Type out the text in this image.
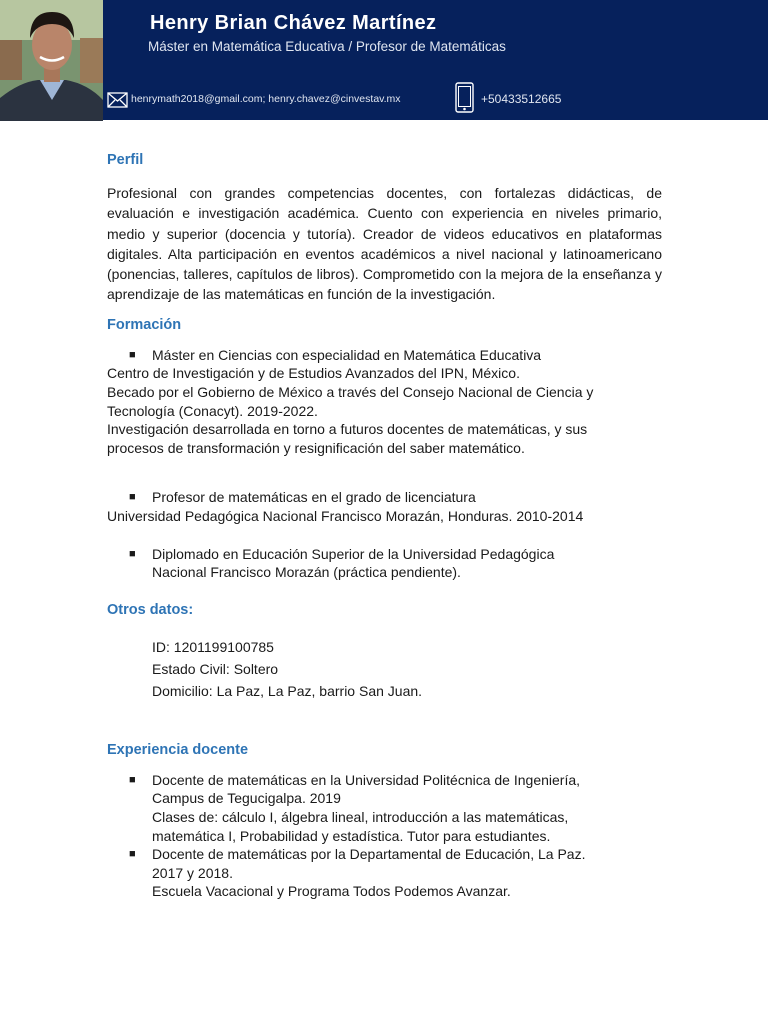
Henry Brian Chávez Martínez
Máster en Matemática Educativa / Profesor de Matemáticas
henrymath2018@gmail.com; henry.chavez@cinvestav.mx	+50433512665
Perfil

Profesional con grandes competencias docentes, con fortalezas didácticas, de evaluación e investigación académica. Cuento con experiencia en niveles primario, medio y superior (docencia y tutoría). Creador de videos educativos en plataformas digitales. Alta participación en eventos académicos a nivel nacional y latinoamericano (ponencias, talleres, capítulos de libros). Comprometido con la mejora de la enseñanza y aprendizaje de las matemáticas en función de la investigación.

Formación
■	Máster en Ciencias con especialidad en Matemática Educativa

Centro de Investigación y de Estudios Avanzados del IPN, México.

Becado por el Gobierno de México a través del Consejo Nacional de Ciencia y

Tecnología (Conacyt). 2019-2022.

Investigación desarrollada en torno a futuros docentes de matemáticas, y sus

procesos de transformación y resignificación del saber matemático.

■	Profesor de matemáticas en el grado de licenciatura

Universidad Pedagógica Nacional Francisco Morazán, Honduras. 2010-2014

■	Diplomado en Educación Superior de la Universidad Pedagógica

Nacional Francisco Morazán (práctica pendiente).

Otros datos:

ID: 1201199100785

Estado Civil: Soltero

Domicilio: La Paz, La Paz, barrio San Juan.

Experiencia docente
■	Docente de matemáticas en la Universidad Politécnica de Ingeniería,

Campus de Tegucigalpa. 2019

Clases de: cálculo I, álgebra lineal, introducción a las matemáticas,

matemática I, Probabilidad y estadística. Tutor para estudiantes.

■	Docente de matemáticas por la Departamental de Educación, La Paz.

2017 y 2018.

Escuela Vacacional y Programa Todos Podemos Avanzar.
